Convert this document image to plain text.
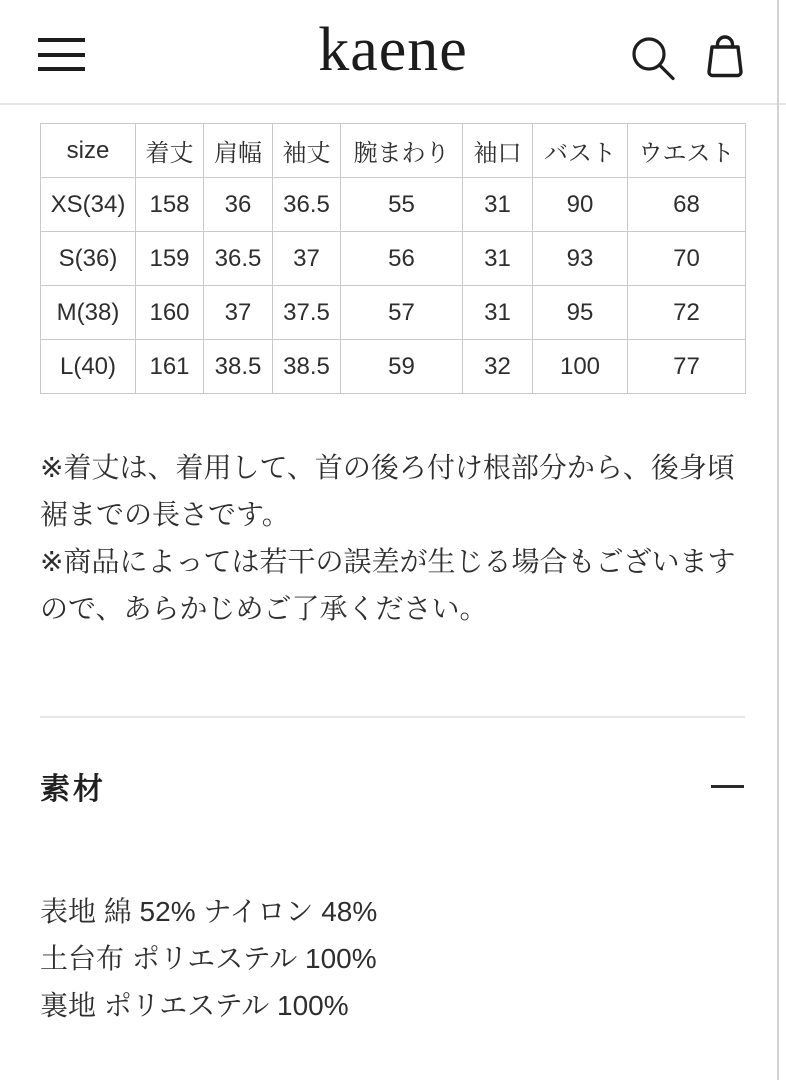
kaene
size	着丈	肩幅	袖丈	腕まわり	袖口	バスト	ウエスト
XS(34)	158	36	36.5	55	31	90	68
S(36)	159	36.5	37	56	31	93	70
M(38)	160	37	37.5	57	31	95	72
L(40)	161	38.5	38.5	59	32	100	77
※着丈は、着用して、首の後ろ付け根部分から、後身頃
裾までの長さです。
※商品によっては若干の誤差が生じる場合もございます
ので、あらかじめご了承ください。
素材
表地 綿 52% ナイロン 48%
土台布 ポリエステル 100%
裏地 ポリエステル 100%
